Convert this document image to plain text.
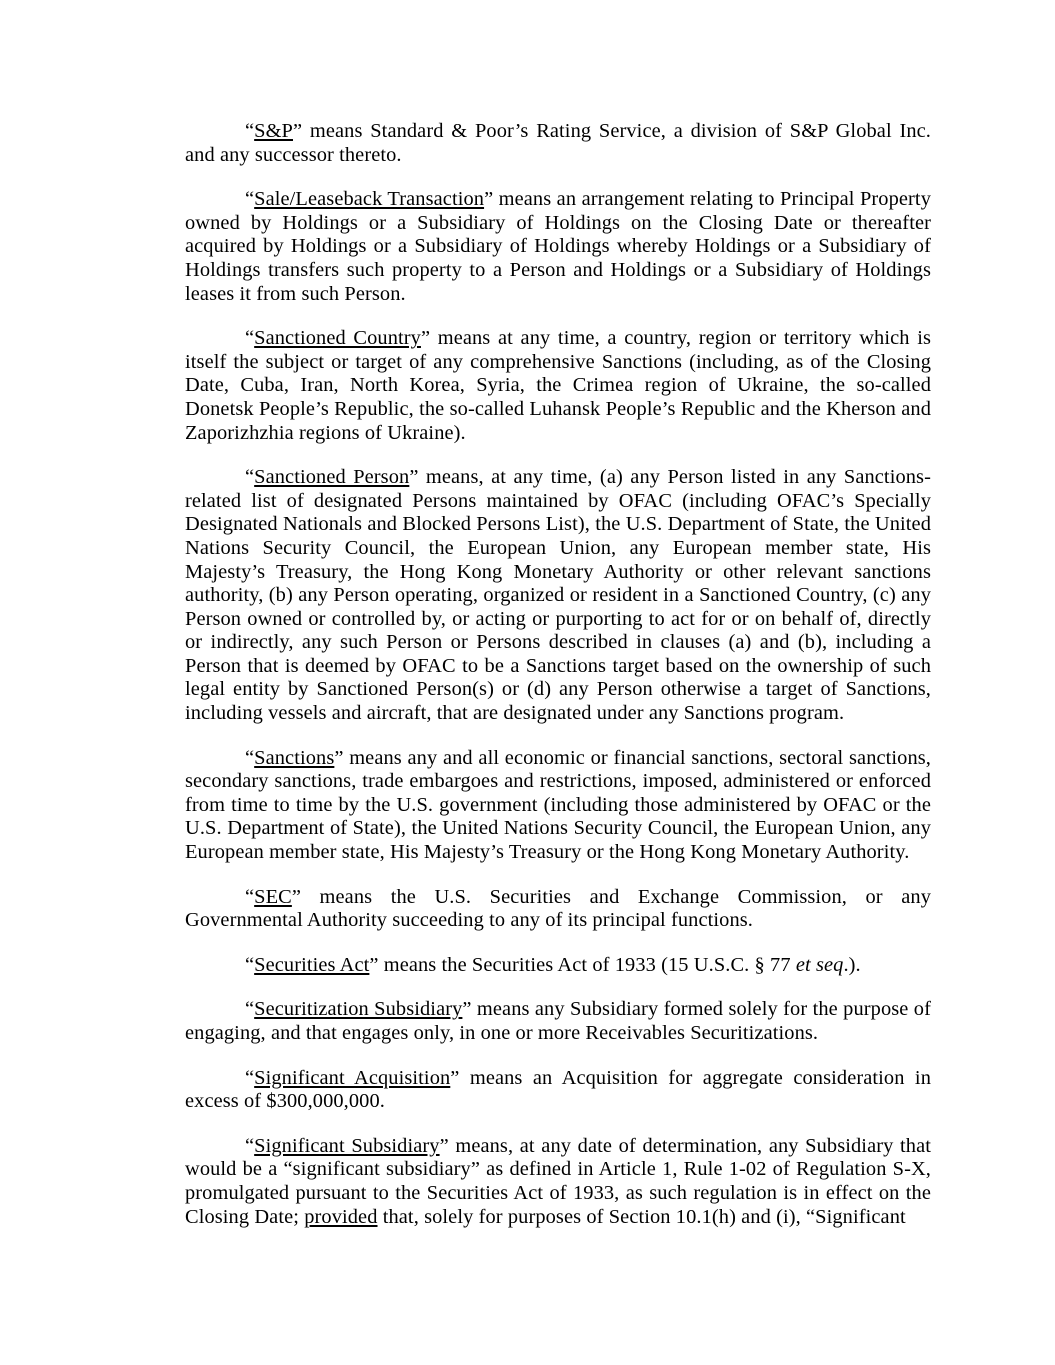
“S&P” means Standard & Poor’s Rating Service, a division of S&P Global Inc. and any successor thereto.

“Sale/Leaseback Transaction” means an arrangement relating to Principal Property owned by Holdings or a Subsidiary of Holdings on the Closing Date or thereafter acquired by Holdings or a Subsidiary of Holdings whereby Holdings or a Subsidiary of Holdings transfers such property to a Person and Holdings or a Subsidiary of Holdings leases it from such Person.

“Sanctioned Country” means at any time, a country, region or territory which is itself the subject or target of any comprehensive Sanctions (including, as of the Closing Date, Cuba, Iran, North Korea, Syria, the Crimea region of Ukraine, the so-called Donetsk People’s Republic, the so-called Luhansk People’s Republic and the Kherson and Zaporizhzhia regions of Ukraine).

“Sanctioned Person” means, at any time, (a) any Person listed in any Sanctions-related list of designated Persons maintained by OFAC (including OFAC’s Specially Designated Nationals and Blocked Persons List), the U.S. Department of State, the United Nations Security Council, the European Union, any European member state, His Majesty’s Treasury, the Hong Kong Monetary Authority or other relevant sanctions authority, (b) any Person operating, organized or resident in a Sanctioned Country, (c) any Person owned or controlled by, or acting or purporting to act for or on behalf of, directly or indirectly, any such Person or Persons described in clauses (a) and (b), including a Person that is deemed by OFAC to be a Sanctions target based on the ownership of such legal entity by Sanctioned Person(s) or (d) any Person otherwise a target of Sanctions, including vessels and aircraft, that are designated under any Sanctions program.

“Sanctions” means any and all economic or financial sanctions, sectoral sanctions, secondary sanctions, trade embargoes and restrictions, imposed, administered or enforced from time to time by the U.S. government (including those administered by OFAC or the U.S. Department of State), the United Nations Security Council, the European Union, any European member state, His Majesty’s Treasury or the Hong Kong Monetary Authority.

“SEC” means the U.S. Securities and Exchange Commission, or any Governmental Authority succeeding to any of its principal functions.

“Securities Act” means the Securities Act of 1933 (15 U.S.C. § 77 et seq.).

“Securitization Subsidiary” means any Subsidiary formed solely for the purpose of engaging, and that engages only, in one or more Receivables Securitizations.

“Significant Acquisition” means an Acquisition for aggregate consideration in excess of $300,000,000.

“Significant Subsidiary” means, at any date of determination, any Subsidiary that would be a “significant subsidiary” as defined in Article 1, Rule 1-02 of Regulation S-X, promulgated pursuant to the Securities Act of 1933, as such regulation is in effect on the Closing Date; provided that, solely for purposes of Section 10.1(h) and (i), “Significant
